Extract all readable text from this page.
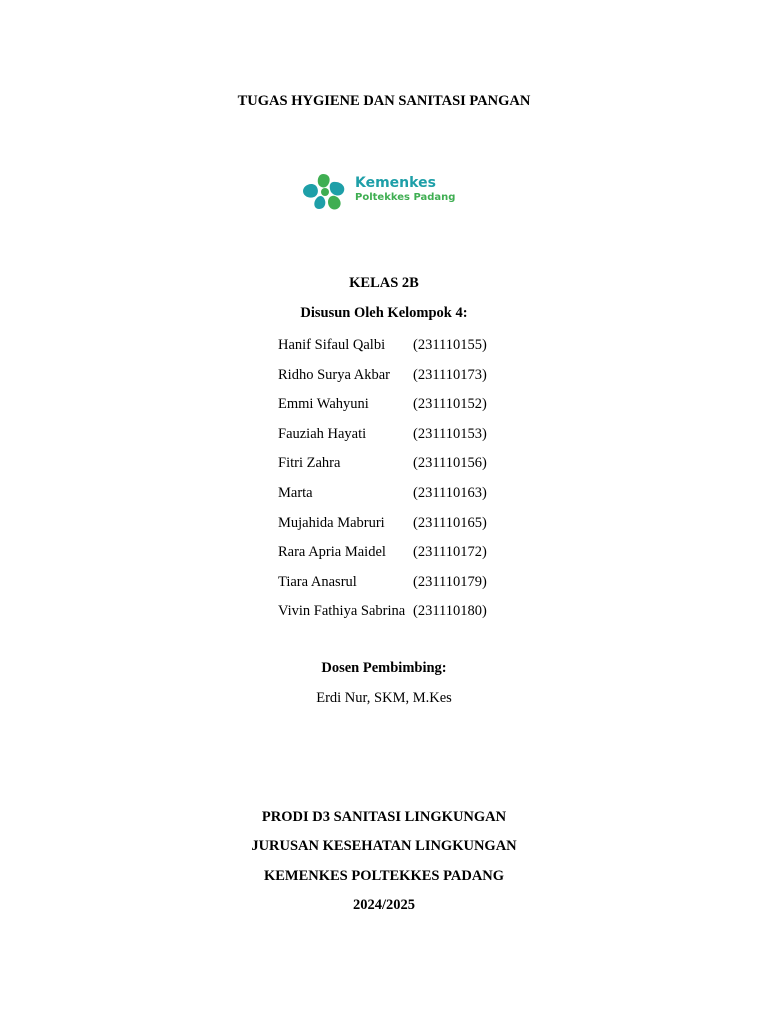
TUGAS HYGIENE DAN SANITASI PANGAN
Kemenkes
Poltekkes Padang
KELAS 2B
Disusun Oleh Kelompok 4:
Hanif Sifaul Qalbi (231110155)
Ridho Surya Akbar (231110173)
Emmi Wahyuni	(231110152)
Fauziah Hayati	(231110153)
Fitri Zahra	(231110156)
Marta	(231110163)
Mujahida Mabruri (231110165)
Rara Apria Maidel (231110172)
Tiara Anasrul	(231110179)
Vivin Fathiya Sabrina (231110180)
Dosen Pembimbing:
Erdi Nur, SKM, M.Kes
PRODI D3 SANITASI LINGKUNGAN
JURUSAN KESEHATAN LINGKUNGAN
KEMENKES POLTEKKES PADANG
2024/2025
